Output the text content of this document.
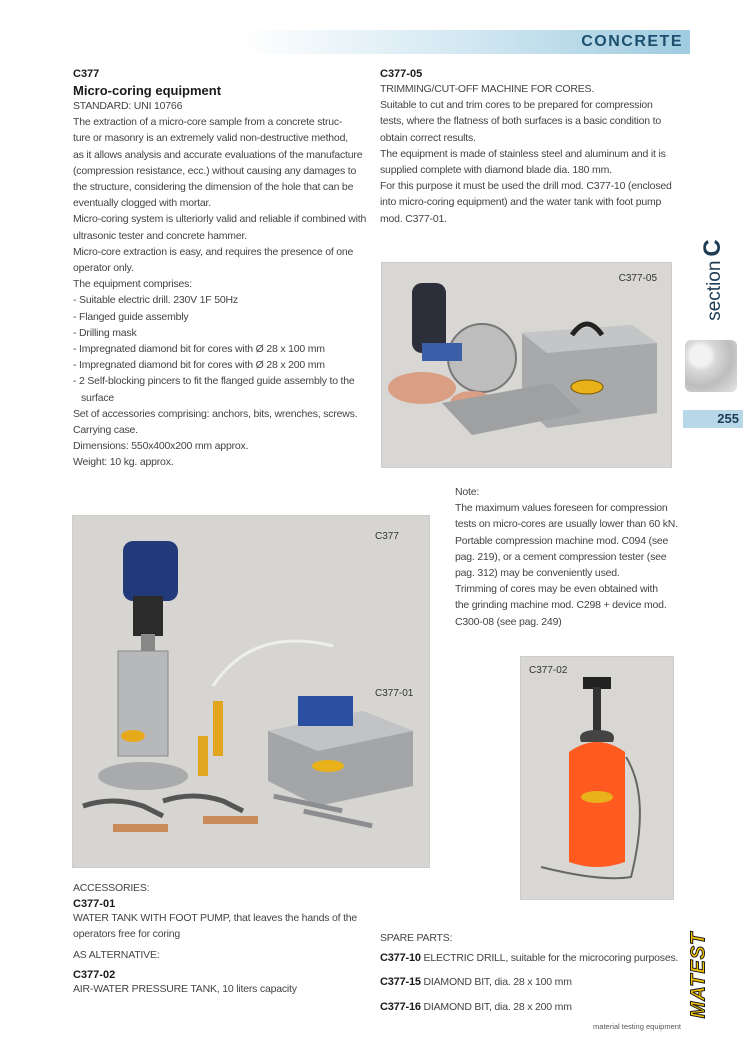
CONCRETE
sectionC
255
MATEST
material testing equipment
C377
Micro-coring equipment

STANDARD: UNI 10766

The extraction of a micro-core sample from a concrete struc-

ture or masonry is an extremely valid non-destructive method,

as it allows analysis and accurate evaluations of the manufacture

(compression resistance, ecc.) without causing any damages to

the structure, considering the dimension of the hole that can be

eventually clogged with mortar.

Micro-coring system is ulteriorly valid and reliable if combined with

ultrasonic tester and concrete hammer.

Micro-core extraction is easy, and requires the presence of one

operator only.

The equipment comprises:

- Suitable electric drill. 230V 1F 50Hz
- Flanged guide assembly
- Drilling mask
- Impregnated diamond bit for cores with Ø 28 x 100 mm
- Impregnated diamond bit for cores with Ø 28 x 200 mm
- 2 Self-blocking pincers to fit the flanged guide assembly to the surface

Set of accessories comprising: anchors, bits, wrenches, screws.

Carrying case.

Dimensions: 550x400x200 mm approx.

Weight: 10 kg. approx.

C377-05

TRIMMING/CUT-OFF MACHINE FOR CORES.

Suitable to cut and trim cores to be prepared for compression

tests, where the flatness of both surfaces is a basic condition to

obtain correct results.

The equipment is made of stainless steel and aluminum and it is

supplied complete with diamond blade dia. 180 mm.

For this purpose it must be used the drill mod. C377-10 (enclosed

into micro-coring equipment) and the water tank with foot pump

mod. C377-01.

C377-05

Note:

The maximum values foreseen for compression

tests on micro-cores are usually lower than 60 kN.

Portable compression machine mod. C094 (see

pag. 219), or a cement compression tester (see

pag. 312) may be conveniently used.

Trimming of cores may be even obtained with

the grinding machine mod. C298 + device mod.

C300-08 (see pag. 249)

C377
C377-01
C377-02
ACCESSORIES:
C377-01

WATER TANK WITH FOOT PUMP, that leaves the hands of the

operators free for coring

AS ALTERNATIVE:
C377-02
AIR-WATER PRESSURE TANK, 10 liters capacity
SPARE PARTS:
C377-10 ELECTRIC DRILL, suitable for the microcoring purposes.
C377-15 DIAMOND BIT, dia. 28 x 100 mm
C377-16 DIAMOND BIT, dia. 28 x 200 mm
